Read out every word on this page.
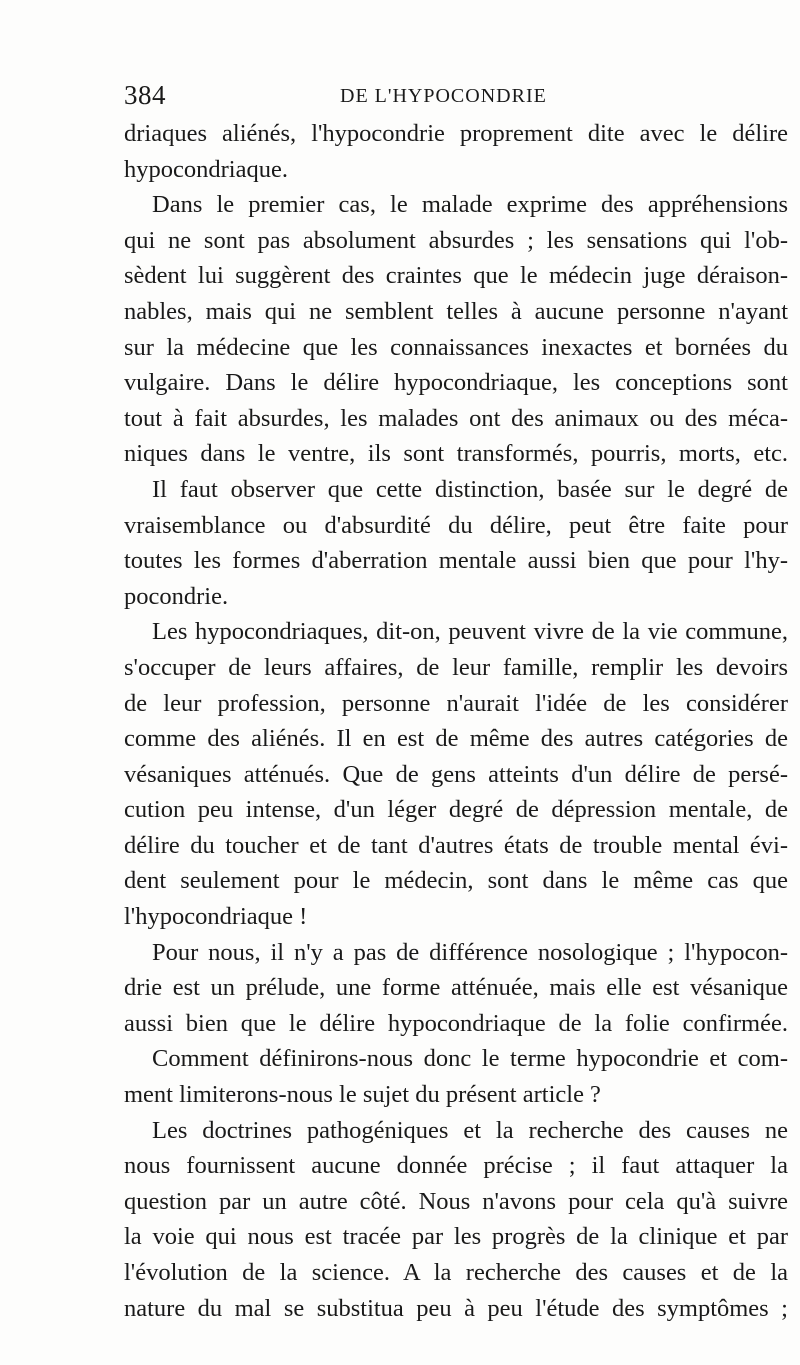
384	DE L'HYPOCONDRIE
driaques aliénés, l'hypocondrie proprement dite avec le délire
hypocondriaque.
Dans le premier cas, le malade exprime des appréhensions
qui ne sont pas absolument absurdes ; les sensations qui l'ob-
sèdent lui suggèrent des craintes que le médecin juge déraison-
nables, mais qui ne semblent telles à aucune personne n'ayant
sur la médecine que les connaissances inexactes et bornées du
vulgaire. Dans le délire hypocondriaque, les conceptions sont
tout à fait absurdes, les malades ont des animaux ou des méca-
niques dans le ventre, ils sont transformés, pourris, morts, etc.
Il faut observer que cette distinction, basée sur le degré de
vraisemblance ou d'absurdité du délire, peut être faite pour
toutes les formes d'aberration mentale aussi bien que pour l'hy-
pocondrie.
Les hypocondriaques, dit-on, peuvent vivre de la vie commune,
s'occuper de leurs affaires, de leur famille, remplir les devoirs
de leur profession, personne n'aurait l'idée de les considérer
comme des aliénés. Il en est de même des autres catégories de
vésaniques atténués. Que de gens atteints d'un délire de persé-
cution peu intense, d'un léger degré de dépression mentale, de
délire du toucher et de tant d'autres états de trouble mental évi-
dent seulement pour le médecin, sont dans le même cas que
l'hypocondriaque !
Pour nous, il n'y a pas de différence nosologique ; l'hypocon-
drie est un prélude, une forme atténuée, mais elle est vésanique
aussi bien que le délire hypocondriaque de la folie confirmée.
Comment définirons-nous donc le terme hypocondrie et com-
ment limiterons-nous le sujet du présent article ?
Les doctrines pathogéniques et la recherche des causes ne
nous fournissent aucune donnée précise ; il faut attaquer la
question par un autre côté. Nous n'avons pour cela qu'à suivre
la voie qui nous est tracée par les progrès de la clinique et par
l'évolution de la science. A la recherche des causes et de la
nature du mal se substitua peu à peu l'étude des symptômes ;
